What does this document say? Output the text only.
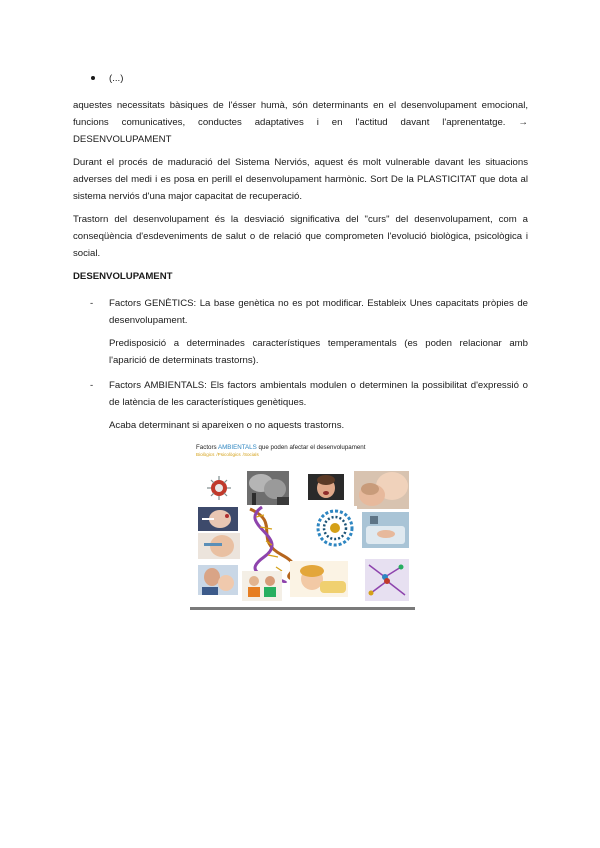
(...)

aquestes necessitats bàsiques de l'ésser humà, són determinants en el desenvolupament emocional, funcions comunicatives, conductes adaptatives i en l'actitud davant l'aprenentatge. → DESENVOLUPAMENT

Durant el procés de maduració del Sistema Nerviós, aquest és molt vulnerable davant les situacions adverses del medi i es posa en perill el desenvolupament harmònic. Sort De la PLASTICITAT que dota al sistema nerviós d'una major capacitat de recuperació.

Trastorn del desenvolupament és la desviació significativa del "curs" del desenvolupament, com a conseqüència d'esdeveniments de salut o de relació que comprometen l'evolució biològica, psicològica i social.

DESENVOLUPAMENT
- Factors GENÈTICS: La base genètica no es pot modificar. Estableix Unes capacitats pròpies de desenvolupament.

Predisposició a determinades característiques temperamentals (es poden relacionar amb l'aparició de determinats trastorns).

- Factors AMBIENTALS: Els factors ambientals modulen o determinen la possibilitat d'expressió o de latència de les característiques genètiques.

Acaba determinant si apareixen o no aquests trastorns.

Factors AMBIENTALS que poden afectar el desenvolupament
Biològics /Psicològics /Socials
